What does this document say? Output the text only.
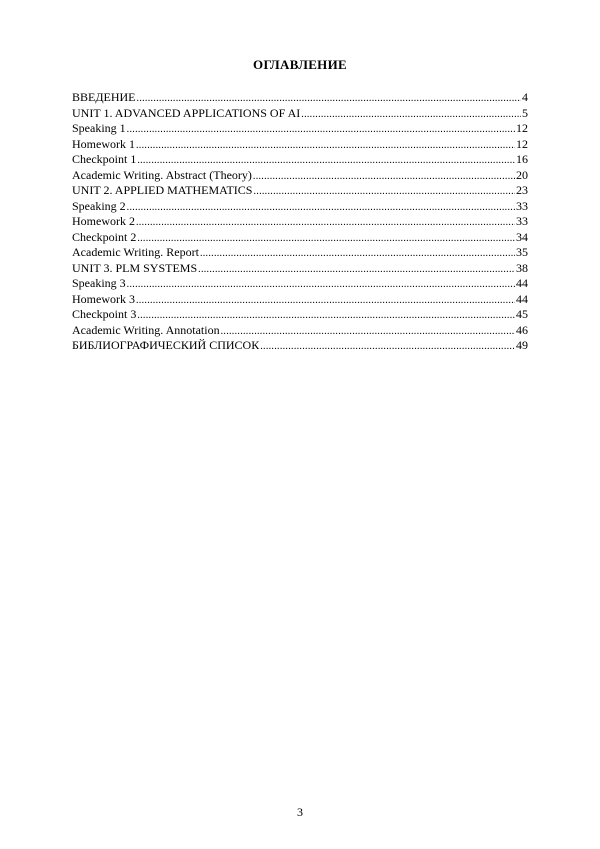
ОГЛАВЛЕНИЕ
ВВЕДЕНИЕ . . .	4
UNIT 1. ADVANCED APPLICATIONS OF AI . . .	5
Speaking 1 . . .	12
Homework 1 . . .	12
Checkpoint 1 . . .	16
Academic Writing. Abstract (Theory) . . .	20
UNIT 2. APPLIED MATHEMATICS . . .	23
Speaking 2 . . .	33
Homework 2 . . .	33
Checkpoint 2 . . .	34
Academic Writing. Report . . .	35
UNIT 3. PLM SYSTEMS . . .	38
Speaking 3 . . .	44
Homework 3 . . .	44
Checkpoint 3 . . .	45
Academic Writing. Annotation . . .	46
БИБЛИОГРАФИЧЕСКИЙ СПИСОК . . .	49
3
